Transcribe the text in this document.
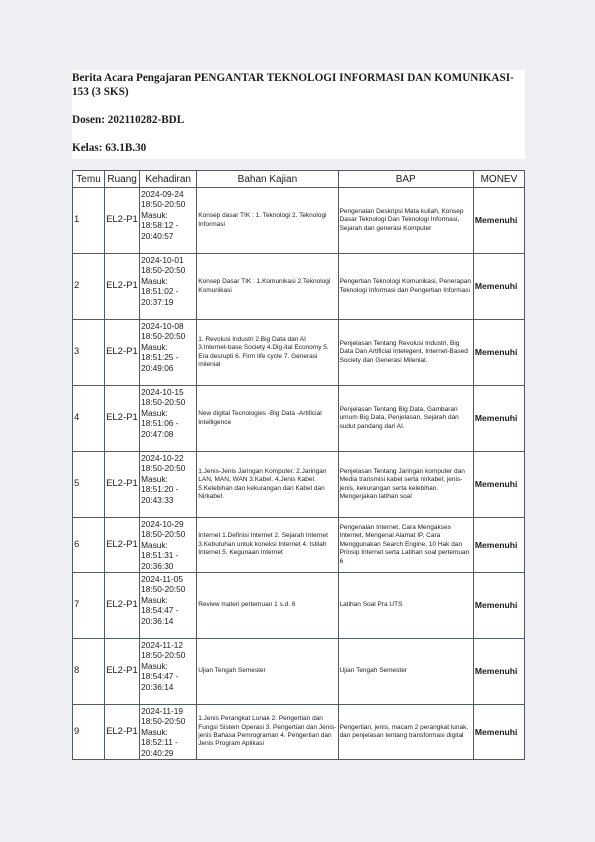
Berita Acara Pengajaran PENGANTAR TEKNOLOGI INFORMASI DAN KOMUNIKASI-153 (3 SKS)
Dosen: 202110282-BDL
Kelas: 63.1B.30
Temu	Ruang	Kehadiran	Bahan Kajian	BAP	MONEV
1	EL2-P1	2024-09-24 18:50-20:50 Masuk: 18:58:12 - 20:40:57	Konsep dasar TIK : 1. Teknologi 2. Teknologi Informasi	Pengenalan Deskripsi Mata kuliah, Konsep Dasar Teknologi Dan Teknologi Informasi, Sejarah dan generasi Komputer	Memenuhi
2	EL2-P1	2024-10-01 18:50-20:50 Masuk: 18:51:02 - 20:37:19	Konsep Dasar TIK : 1.Komunikasi 2.Teknologi Komunikasi	Pengertian Teknologi Komunikasi, Penerapan Teknologi Informasi dan Pengertian Informasi	Memenuhi
3	EL2-P1	2024-10-08 18:50-20:50 Masuk: 18:51:25 - 20:49:06	1. Revolusi Industri 2.Big Data dan AI 3.Internet-base Society 4.Dig-ital Economy 5. Era desrupti 6. Firm life cycle 7. Generasi milenial	Penjelasan Tentang Revolusi Industri, Big Data Dan Artificial Intelegent, Internet-Based Society dan Generasi Milenial.	Memenuhi
4	EL2-P1	2024-10-15 18:50-20:50 Masuk: 18:51:06 - 20:47:08	New digital Tecnologies -Big Data -Artificial Intelligence	Penjelasan Tentang Big Data, Gambaran umum Big Data, Penjelasan, Sejarah dan sudut pandang dari AI.	Memenuhi
5	EL2-P1	2024-10-22 18:50-20:50 Masuk: 18:51:20 - 20:43:33	1.Jenis-Jenis Jaringan Komputer. 2.Jaringan LAN, MAN, WAN 3.Kabel. 4.Jenis Kabel. 5.Kelebihan dan kekurangan dari Kabel dan Nirkabel.	Penjelasan Tentang Jaringan komputer dan Media transmisi kabel serta nirkabel, jenis-jenis, kekurangan serta kelebihan. Mengerjakan latihan soal	Memenuhi
6	EL2-P1	2024-10-29 18:50-20:50 Masuk: 18:51:31 - 20:36:30	Internet 1.Definisi Internet 2. Sejarah Internet 3.Kebutuhan untuk koneksi Internet 4. Istilah Internet 5. Kegunaan Internet	Pengenalan Internet, Cara Mengakses Internet, Mengenal Alamat IP, Cara Menggunakan Search Engine, 10 Hak dan Prinsip Internet serta Latihan soal pertemuan 6	Memenuhi
7	EL2-P1	2024-11-05 18:50-20:50 Masuk: 18:54:47 - 20:36:14	Review materi pertemuan 1 s.d. 6	Latihan Soal Pra UTS	Memenuhi
8	EL2-P1	2024-11-12 18:50-20:50 Masuk: 18:54:47 - 20:36:14	Ujian Tengah Semester	Ujian Tengah Semester	Memenuhi
9	EL2-P1	2024-11-19 18:50-20:50 Masuk: 18:52:11 - 20:40:29	1.Jenis Perangkat Lunak 2. Pengertian dan Fungsi Sistem Operasi 3. Pengertian dan Jenis-jenis Bahasa Pemrograman 4. Pengertian dan Jenis Program Aplikasi	Pengertian, jenis, macam 2 perangkat lunak, dan penjelasan tentang transformasi digital	Memenuhi
